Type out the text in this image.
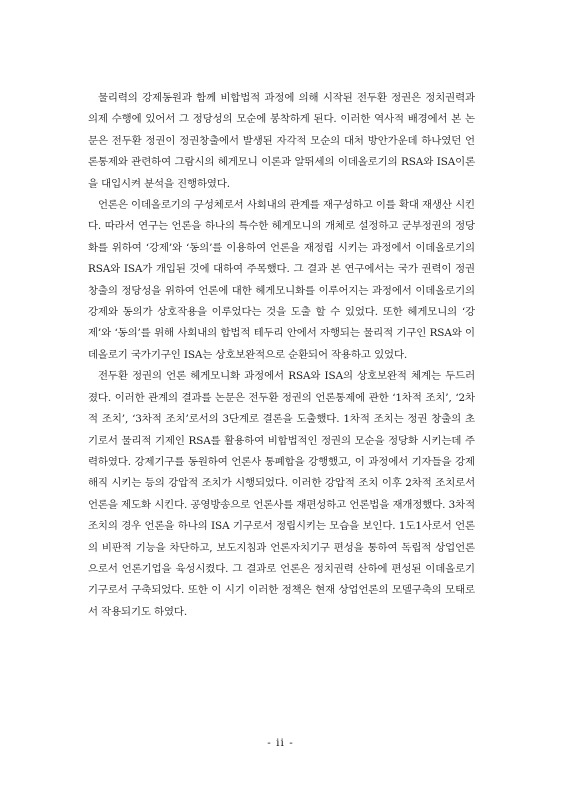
물리력의 강제동원과 함께 비합법적 과정에 의해 시작된 전두환 정권은 정치권력과 의제 수행에 있어서 그 정당성의 모순에 봉착하게 된다. 이러한 역사적 배경에서 본 논문은 전두환 정권이 정권창출에서 발생된 자각적 모순의 대처 방안가운데 하나였던 언론통제와 관련하여 그람시의 헤게모니 이론과 알뛰세의 이데올로기의 RSA와 ISA이론을 대입시켜 분석을 진행하였다.

언론은 이데올로기의 구성체로서 사회내의 관계를 재구성하고 이를 확대 재생산 시킨다. 따라서 연구는 언론을 하나의 특수한 헤게모니의 개체로 설정하고 군부정권의 정당화를 위하여 ‘강제’와 ‘동의’를 이용하여 언론을 재정립 시키는 과정에서 이데올로기의 RSA와 ISA가 개입된 것에 대하여 주목했다. 그 결과 본 연구에서는 국가 권력이 정권창출의 정당성을 위하여 언론에 대한 헤게모니화를 이루어지는 과정에서 이데올로기의 강제와 동의가 상호작용을 이루었다는 것을 도출 할 수 있었다. 또한 헤게모니의 ‘강제’와 ‘동의’를 위해 사회내의 합법적 테두리 안에서 자행되는 물리적 기구인 RSA와 이데올로기 국가기구인 ISA는 상호보완적으로 순환되어 작용하고 있었다.

전두환 정권의 언론 헤게모니화 과정에서 RSA와 ISA의 상호보완적 체계는 두드러졌다. 이러한 관계의 결과를 논문은 전두환 정권의 언론통제에 관한 ‘1차적 조치’, ‘2차적 조치’, ‘3차적 조치’로서의 3단계로 결론을 도출했다. 1차적 조치는 정권 창출의 초기로서 물리적 기제인 RSA를 활용하여 비합법적인 정권의 모순을 정당화 시키는데 주력하였다. 강제기구를 동원하여 언론사 통폐합을 강행했고, 이 과정에서 기자들을 강제해직 시키는 등의 강압적 조치가 시행되었다. 이러한 강압적 조치 이후 2차적 조치로서 언론을 제도화 시킨다. 공영방송으로 언론사를 재편성하고 언론법을 재개정했다. 3차적 조치의 경우 언론을 하나의 ISA 기구로서 정립시키는 모습을 보인다. 1도1사로서 언론의 비판적 기능을 차단하고, 보도지침과 언론자치기구 편성을 통하여 독립적 상업언론으로서 언론기업을 육성시켰다. 그 결과로 언론은 정치권력 산하에 편성된 이데올로기 기구로서 구축되었다. 또한 이 시기 이러한 정책은 현재 상업언론의 모델구축의 모태로서 작용되기도 하였다.

- ii -
